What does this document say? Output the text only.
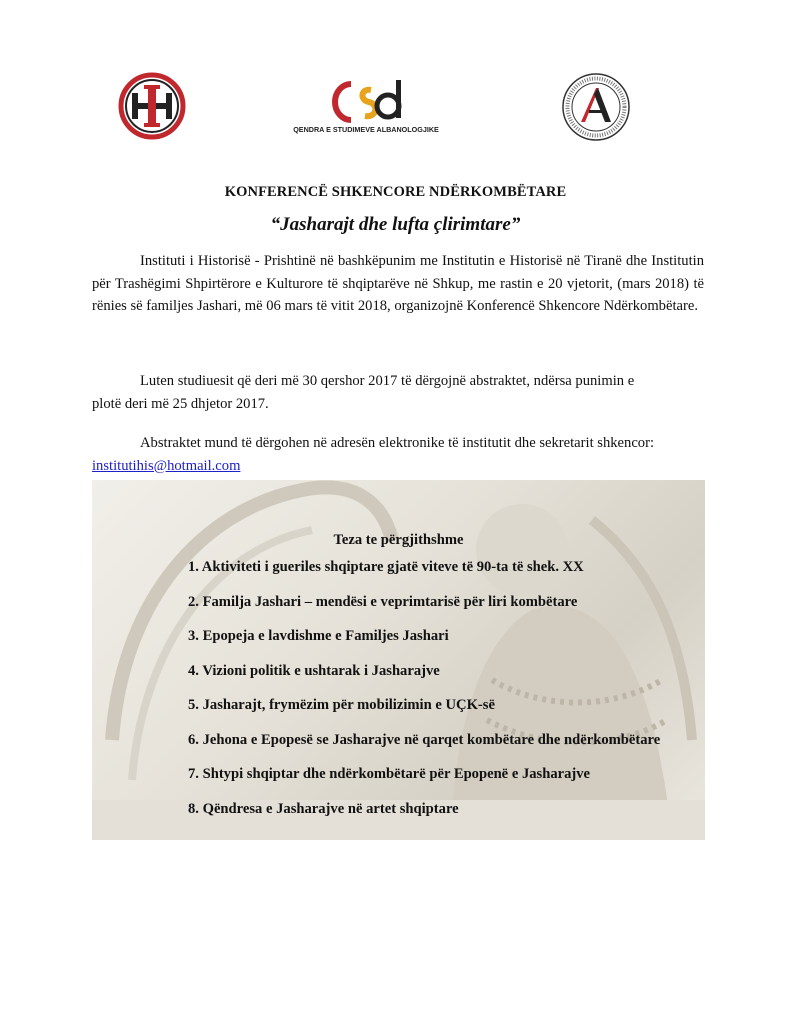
QENDRA E STUDIMEVE ALBANOLOGJIKE
KONFERENCË SHKENCORE NDËRKOMBËTARE
“Jasharajt dhe lufta çlirimtare”

Instituti i Historisë - Prishtinë në bashkëpunim me Institutin e Historisë në Tiranë dhe Institutin për Trashëgimi Shpirtërore e Kulturore të shqiptarëve në Shkup, me rastin e 20 vjetorit, (mars 2018) të rënies së familjes Jashari, më 06 mars të vitit 2018, organizojnë Konferencë Shkencore Ndërkombëtare.

Luten studiuesit që deri më 30 qershor 2017 të dërgojnë abstraktet, ndërsa punimin e
plotë deri më 25 dhjetor 2017.

Abstraktet mund të dërgohen në adresën elektronike të institutit dhe sekretarit shkencor:
institutihis@hotmail.com

Teza te përgjithshme
1. Aktiviteti i gueriles shqiptare gjatë viteve të 90-ta të shek. XX
2. Familja Jashari – mendësi e veprimtarisë për liri kombëtare
3. Epopeja e lavdishme e Familjes Jashari
4. Vizioni politik e ushtarak i Jasharajve
5. Jasharajt, frymëzim për mobilizimin e UÇK-së
6. Jehona e Epopesë se Jasharajve në qarqet kombëtare dhe ndërkombëtare
7. Shtypi shqiptar dhe ndërkombëtarë për Epopenë e Jasharajve
8. Qëndresa e Jasharajve në artet shqiptare
